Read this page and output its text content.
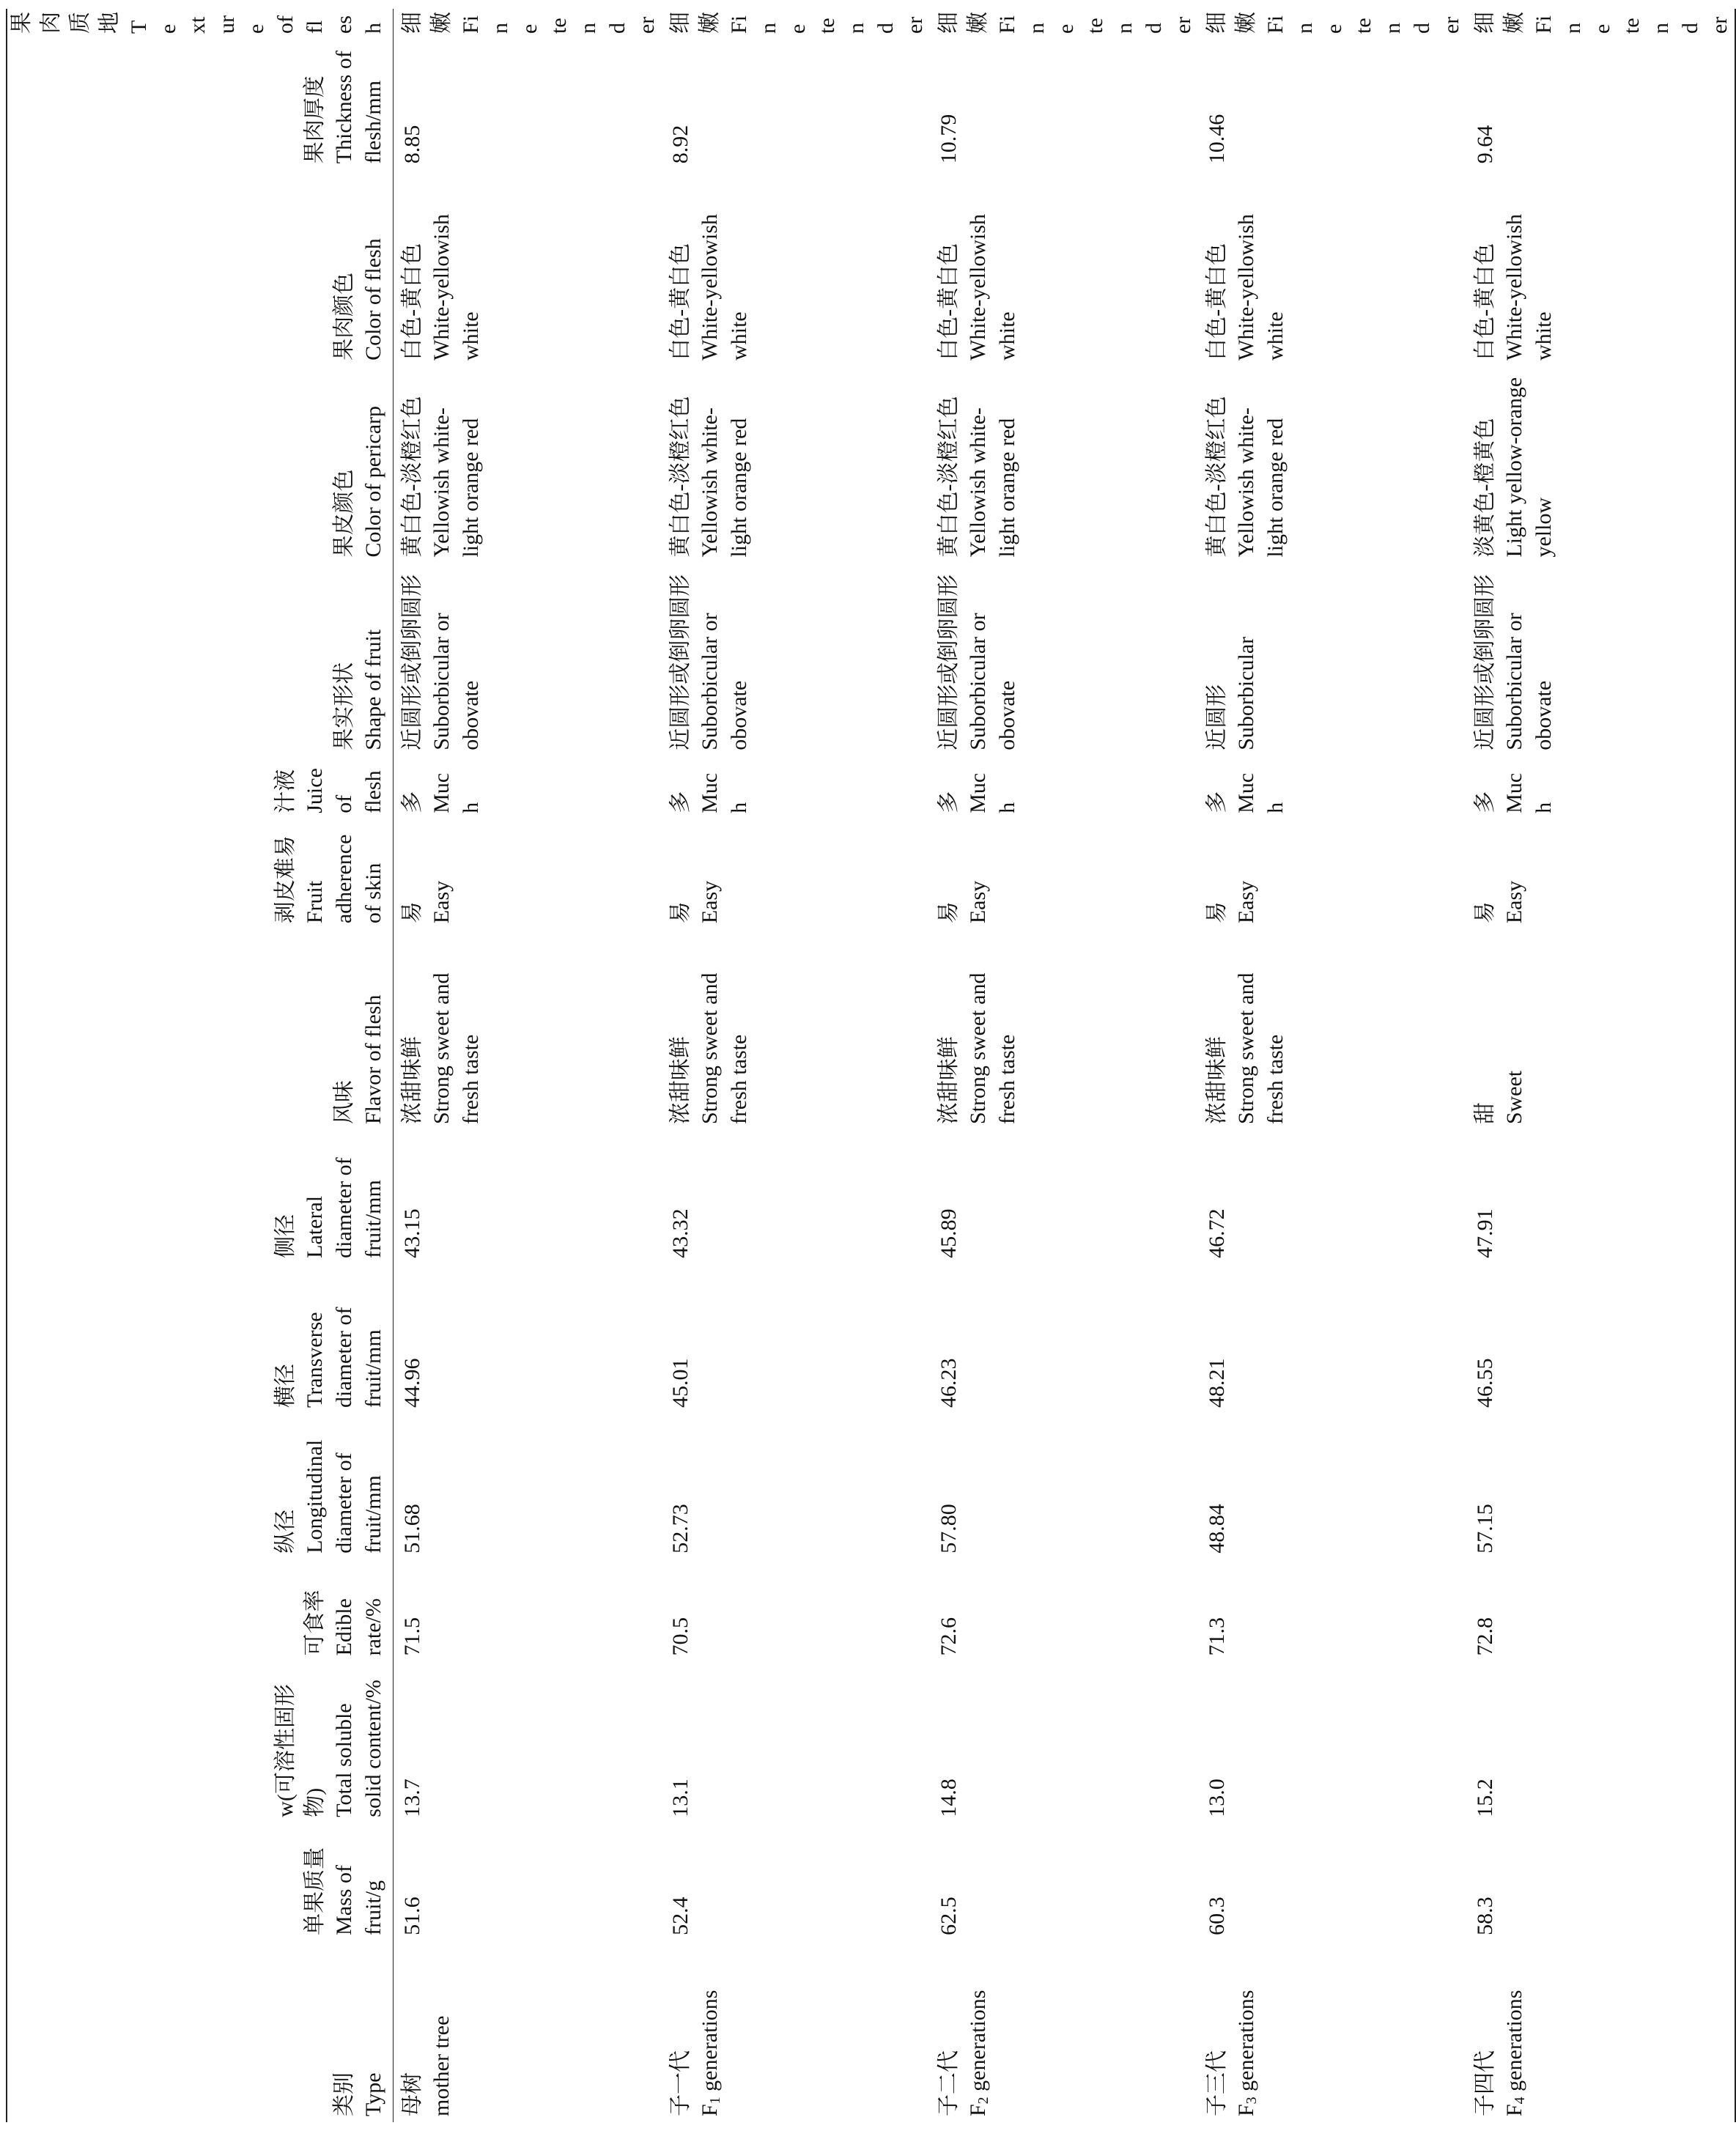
类别 Type	单果质量 Mass of fruit/g	w(可溶性固形物) Total soluble solid content/%	可食率 Edible rate/%	纵径 Longitudinal diameter of fruit/mm	横径 Transverse diameter of fruit/mm	侧径 Lateral diameter of fruit/mm	风味 Flavor of flesh	剥皮难易 Fruit adherence of skin	汁液 Juice of flesh	果实形状 Shape of fruit	果皮颜色 Color of pericarp	果肉颜色 Color of flesh	果肉厚度 Thickness of flesh/mm	果肉质地 Texture of flesh

母树 mother tree	51.6	13.7	71.5	51.68	44.96	43.15	浓甜味鲜 Strong sweet and fresh taste	易 Easy	多 Much	近圆形或倒卵圆形 Suborbicular or obovate	黄白色-淡橙红色 Yellowish white-light orange red	白色-黄白色 White-yellowish white	8.85	细嫩 Fine tender

子一代 $F_1$ generations	52.4	13.1	70.5	52.73	45.01	43.32	浓甜味鲜 Strong sweet and fresh taste	易 Easy	多 Much	近圆形或倒卵圆形 Suborbicular or obovate	黄白色-淡橙红色 Yellowish white-light orange red	白色-黄白色 White-yellowish white	8.92	细嫩 Fine tender

子二代 $F_2$ generations	62.5	14.8	72.6	57.80	46.23	45.89	浓甜味鲜 Strong sweet and fresh taste	易 Easy	多 Much	近圆形或倒卵圆形 Suborbicular or obovate	黄白色-淡橙红色 Yellowish white-light orange red	白色-黄白色 White-yellowish white	10.79	细嫩 Fine tender

子三代 $F_3$ generations	60.3	13.0	71.3	48.84	48.21	46.72	浓甜味鲜 Strong sweet and fresh taste	易 Easy	多 Much	近圆形 Suborbicular	黄白色-淡橙红色 Yellowish white-light orange red	白色-黄白色 White-yellowish white	10.46	细嫩 Fine tender

子四代 $F_4$ generations	58.3	15.2	72.8	57.15	46.55	47.91	甜 Sweet	易 Easy	多 Much	近圆形或倒卵圆形 Suborbicular or obovate	淡黄色-橙黄色 Light yellow-orange yellow	白色-黄白色 White-yellowish white	9.64	细嫩 Fine tender
